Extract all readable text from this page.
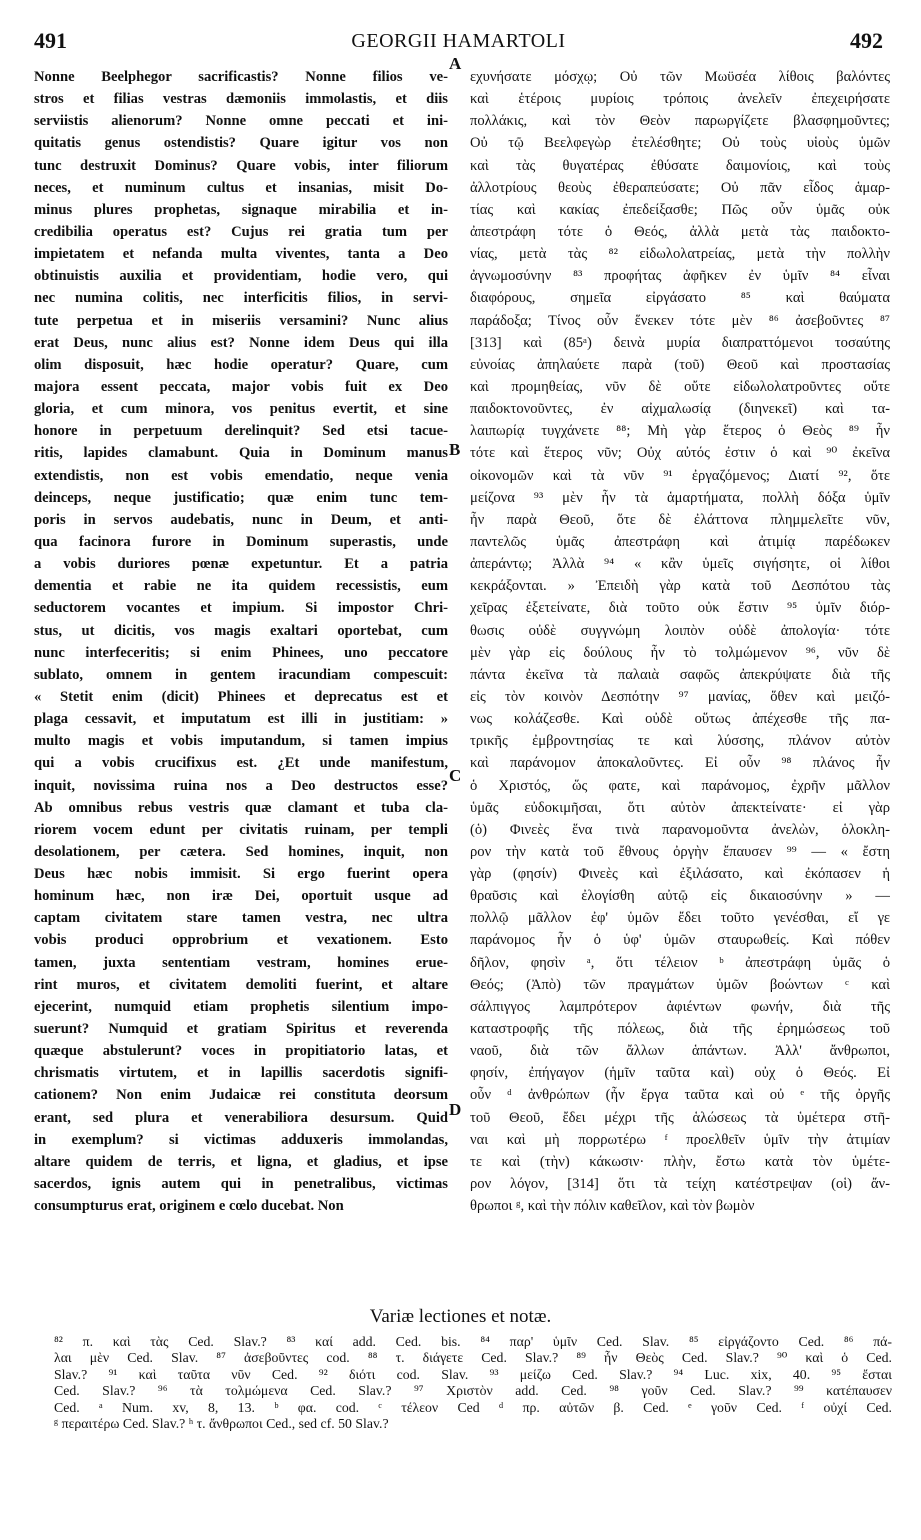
491	GEORGII HAMARTOLI	492
Nonne Beelphegor sacrificastis? Nonne filios ve-
stros et filias vestras dæmoniis immolastis, et diis
serviistis alienorum? Nonne omne peccati et ini-
quitatis genus ostendistis? Quare igitur vos non
tunc destruxit Dominus? Quare vobis, inter filiorum
neces, et numinum cultus et insanias, misit Do-
minus plures prophetas, signaque mirabilia et in-
credibilia operatus est? Cujus rei gratia tum per
impietatem et nefanda multa viventes, tanta a Deo
obtinuistis auxilia et providentiam, hodie vero, qui
nec numina colitis, nec interficitis filios, in servi-
tute perpetua et in miseriis versamini? Nunc alius
erat Deus, nunc alius est? Nonne idem Deus qui illa
olim disposuit, hæc hodie operatur? Quare, cum
majora essent peccata, major vobis fuit ex Deo
gloria, et cum minora, vos penitus evertit, et sine
honore in perpetuum derelinquit? Sed etsi tacue-
ritis, lapides clamabunt. Quia in Dominum manus
extendistis, non est vobis emendatio, neque venia
deinceps, neque justificatio; quæ enim tunc tem-
poris in servos audebatis, nunc in Deum, et anti-
qua facinora furore in Dominum superastis, unde
a vobis duriores pœnæ expetuntur. Et a patria
dementia et rabie ne ita quidem recessistis, eum
seductorem vocantes et impium. Si impostor Chri-
stus, ut dicitis, vos magis exaltari oportebat, cum
nunc interfeceritis; si enim Phinees, uno peccatore
sublato, omnem in gentem iracundiam compescuit:
« Stetit enim (dicit) Phinees et deprecatus est et
plaga cessavit, et imputatum est illi in justitiam: »
multo magis et vobis imputandum, si tamen impius
qui a vobis crucifixus est. ¿Et unde manifestum,
inquit, novissima ruina nos a Deo destructos esse?
Ab omnibus rebus vestris quæ clamant et tuba cla-
riorem vocem edunt per civitatis ruinam, per templi
desolationem, per cætera. Sed homines, inquit, non
Deus hæc nobis immisit. Si ergo fuerint opera
hominum hæc, non iræ Dei, oportuit usque ad
captam civitatem stare tamen vestra, nec ultra
vobis produci opprobrium et vexationem. Esto
tamen, juxta sententiam vestram, homines erue-
rint muros, et civitatem demoliti fuerint, et altare
ejecerint, numquid etiam prophetis silentium impo-
suerunt? Numquid et gratiam Spiritus et reverenda
quæque abstulerunt? voces in propitiatorio latas, et
chrismatis virtutem, et in lapillis sacerdotis signifi-
cationem? Non enim Judaicæ rei constituta deorsum
erant, sed plura et venerabiliora desursum. Quid
in exemplum? si victimas adduxeris immolandas,
altare quidem de terris, et ligna, et gladius, et ipse
sacerdos, ignis autem qui in penetralibus, victimas
consumpturus erat, originem e cœlo ducebat. Non
A
B
C
D
εχυνήσατε μόσχῳ; Οὐ τῶν Μωϋσέα λίθοις βαλόντες
καὶ ἑτέροις μυρίοις τρόποις ἀνελεῖν ἐπεχειρήσατε
πολλάκις, καὶ τὸν Θεὸν παρωργίζετε βλασφημοῦντες;
Οὐ τῷ Βεελφεγὼρ ἐτελέσθητε; Οὐ τοὺς υἱοὺς ὑμῶν
καὶ τὰς θυγατέρας ἐθύσατε δαιμονίοις, καὶ τοὺς
ἀλλοτρίους θεοὺς ἐθεραπεύσατε; Οὐ πᾶν εἶδος ἁμαρ-
τίας καὶ κακίας ἐπεδείξασθε; Πῶς οὖν ὑμᾶς οὐκ
ἀπεστράφη τότε ὁ Θεός, ἀλλὰ μετὰ τὰς παιδοκτο-
νίας, μετὰ τὰς ⁸² εἰδωλολατρείας, μετὰ τὴν πολλὴν
ἀγνωμοσύνην ⁸³ προφήτας ἀφῆκεν ἐν ὑμῖν ⁸⁴ εἶναι
διαφόρους, σημεῖα εἰργάσατο ⁸⁵ καὶ θαύματα
παράδοξα; Τίνος οὖν ἕνεκεν τότε μὲν ⁸⁶ ἀσεβοῦντες ⁸⁷
[313] καὶ (85ᵃ) δεινὰ μυρία διαπραττόμενοι τοσαύτης
εὐνοίας ἀπηλαύετε παρὰ (τοῦ) Θεοῦ καὶ προστασίας
καὶ προμηθείας, νῦν δὲ οὔτε εἰδωλολατροῦντες οὔτε
παιδοκτονοῦντες, ἐν αἰχμαλωσίᾳ (διηνεκεῖ) καὶ τα-
λαιπωρίᾳ τυγχάνετε ⁸⁸; Μὴ γὰρ ἕτερος ὁ Θεὸς ⁸⁹ ἦν
τότε καὶ ἕτερος νῦν; Οὐχ αὐτός ἐστιν ὁ καὶ ⁹⁰ ἐκεῖνα
οἰκονομῶν καὶ τὰ νῦν ⁹¹ ἐργαζόμενος; Διατί ⁹², ὅτε
μείζονα ⁹³ μὲν ἦν τὰ ἁμαρτήματα, πολλὴ δόξα ὑμῖν
ἦν παρὰ Θεοῦ, ὅτε δὲ ἐλάττονα πλημμελεῖτε νῦν,
παντελῶς ὑμᾶς ἀπεστράφη καὶ ἀτιμίᾳ παρέδωκεν
ἀπεράντῳ; Ἀλλὰ ⁹⁴ « κἂν ὑμεῖς σιγήσητε, οἱ λίθοι
κεκράξονται. » Ἐπειδὴ γὰρ κατὰ τοῦ Δεσπότου τὰς
χεῖρας ἐξετείνατε, διὰ τοῦτο οὐκ ἔστιν ⁹⁵ ὑμῖν διόρ-
θωσις οὐδὲ συγγνώμη λοιπὸν οὐδὲ ἀπολογία· τότε
μὲν γὰρ εἰς δούλους ἦν τὸ τολμώμενον ⁹⁶, νῦν δὲ
πάντα ἐκεῖνα τὰ παλαιὰ σαφῶς ἀπεκρύψατε διὰ τῆς
εἰς τὸν κοινὸν Δεσπότην ⁹⁷ μανίας, ὅθεν καὶ μειζό-
νως κολάζεσθε. Καὶ οὐδὲ οὕτως ἀπέχεσθε τῆς πα-
τρικῆς ἐμβροντησίας τε καὶ λύσσης, πλάνον αὐτὸν
καὶ παράνομον ἀποκαλοῦντες. Εἰ οὖν ⁹⁸ πλάνος ἦν
ὁ Χριστός, ὥς φατε, καὶ παράνομος, ἐχρῆν μᾶλλον
ὑμᾶς εὐδοκιμῆσαι, ὅτι αὐτὸν ἀπεκτείνατε· εἰ γὰρ
(ὁ) Φινεὲς ἕνα τινὰ παρανομοῦντα ἀνελὼν, ὁλοκλη-
ρον τὴν κατὰ τοῦ ἔθνους ὀργὴν ἔπαυσεν ⁹⁹ — « ἔστη
γὰρ (φησίν) Φινεὲς καὶ ἐξιλάσατο, καὶ ἐκόπασεν ἡ
θραῦσις καὶ ἐλογίσθη αὐτῷ εἰς δικαιοσύνην » —
πολλῷ μᾶλλον ἐφ' ὑμῶν ἔδει τοῦτο γενέσθαι, εἴ γε
παράνομος ἦν ὁ ὑφ' ὑμῶν σταυρωθείς. Καὶ πόθεν
δῆλον, φησὶν ᵃ, ὅτι τέλειον ᵇ ἀπεστράφη ὑμᾶς ὁ
Θεός; (Ἀπὸ) τῶν πραγμάτων ὑμῶν βοώντων ᶜ καὶ
σάλπιγγος λαμπρότερον ἀφιέντων φωνήν, διὰ τῆς
καταστροφῆς τῆς πόλεως, διὰ τῆς ἐρημώσεως τοῦ
ναοῦ, διὰ τῶν ἄλλων ἁπάντων. Ἀλλ' ἄνθρωποι,
φησίν, ἐπήγαγον (ἡμῖν ταῦτα καὶ) οὐχ ὁ Θεός. Εἰ
οὖν ᵈ ἀνθρώπων (ἦν ἔργα ταῦτα καὶ οὐ ᵉ τῆς ὀργῆς
τοῦ Θεοῦ, ἔδει μέχρι τῆς ἁλώσεως τὰ ὑμέτερα στῆ-
ναι καὶ μὴ πορρωτέρω ᶠ προελθεῖν ὑμῖν τὴν ἀτιμίαν
τε καὶ (τὴν) κάκωσιν· πλὴν, ἔστω κατὰ τὸν ὑμέτε-
ρον λόγον, [314] ὅτι τὰ τείχη κατέστρεψαν (οἱ) ἄν-
θρωποι ᵍ, καὶ τὴν πόλιν καθεῖλον, καὶ τὸν βωμὸν
Variæ lectiones et notæ.
⁸² π. καὶ τὰς Ced. Slav.? ⁸³ καί add. Ced. bis. ⁸⁴ παρ' ὑμῖν Ced. Slav. ⁸⁵ εἰργάζοντο Ced. ⁸⁶ πά-
λαι μὲν Ced. Slav. ⁸⁷ ἀσεβοῦντες cod. ⁸⁸ τ. διάγετε Ced. Slav.? ⁸⁹ ἦν Θεὸς Ced. Slav.? ⁹⁰ καὶ ὁ Ced.
Slav.? ⁹¹ καὶ ταῦτα νῦν Ced. ⁹² διότι cod. Slav. ⁹³ μείζω Ced. Slav.? ⁹⁴ Luc. xix, 40. ⁹⁵ ἔσται
Ced. Slav.? ⁹⁶ τὰ τολμώμενα Ced. Slav.? ⁹⁷ Χριστὸν add. Ced. ⁹⁸ γοῦν Ced. Slav.? ⁹⁹ κατέπαυσεν
Ced. ᵃ Num. xv, 8, 13. ᵇ φα. cod. ᶜ τέλεον Ced ᵈ πρ. αὐτῶν β. Ced. ᵉ γοῦν Ced. ᶠ οὐχί Ced.
ᵍ περαιτέρω Ced. Slav.? ʰ τ. ἄνθρωποι Ced., sed cf. 50 Slav.?
